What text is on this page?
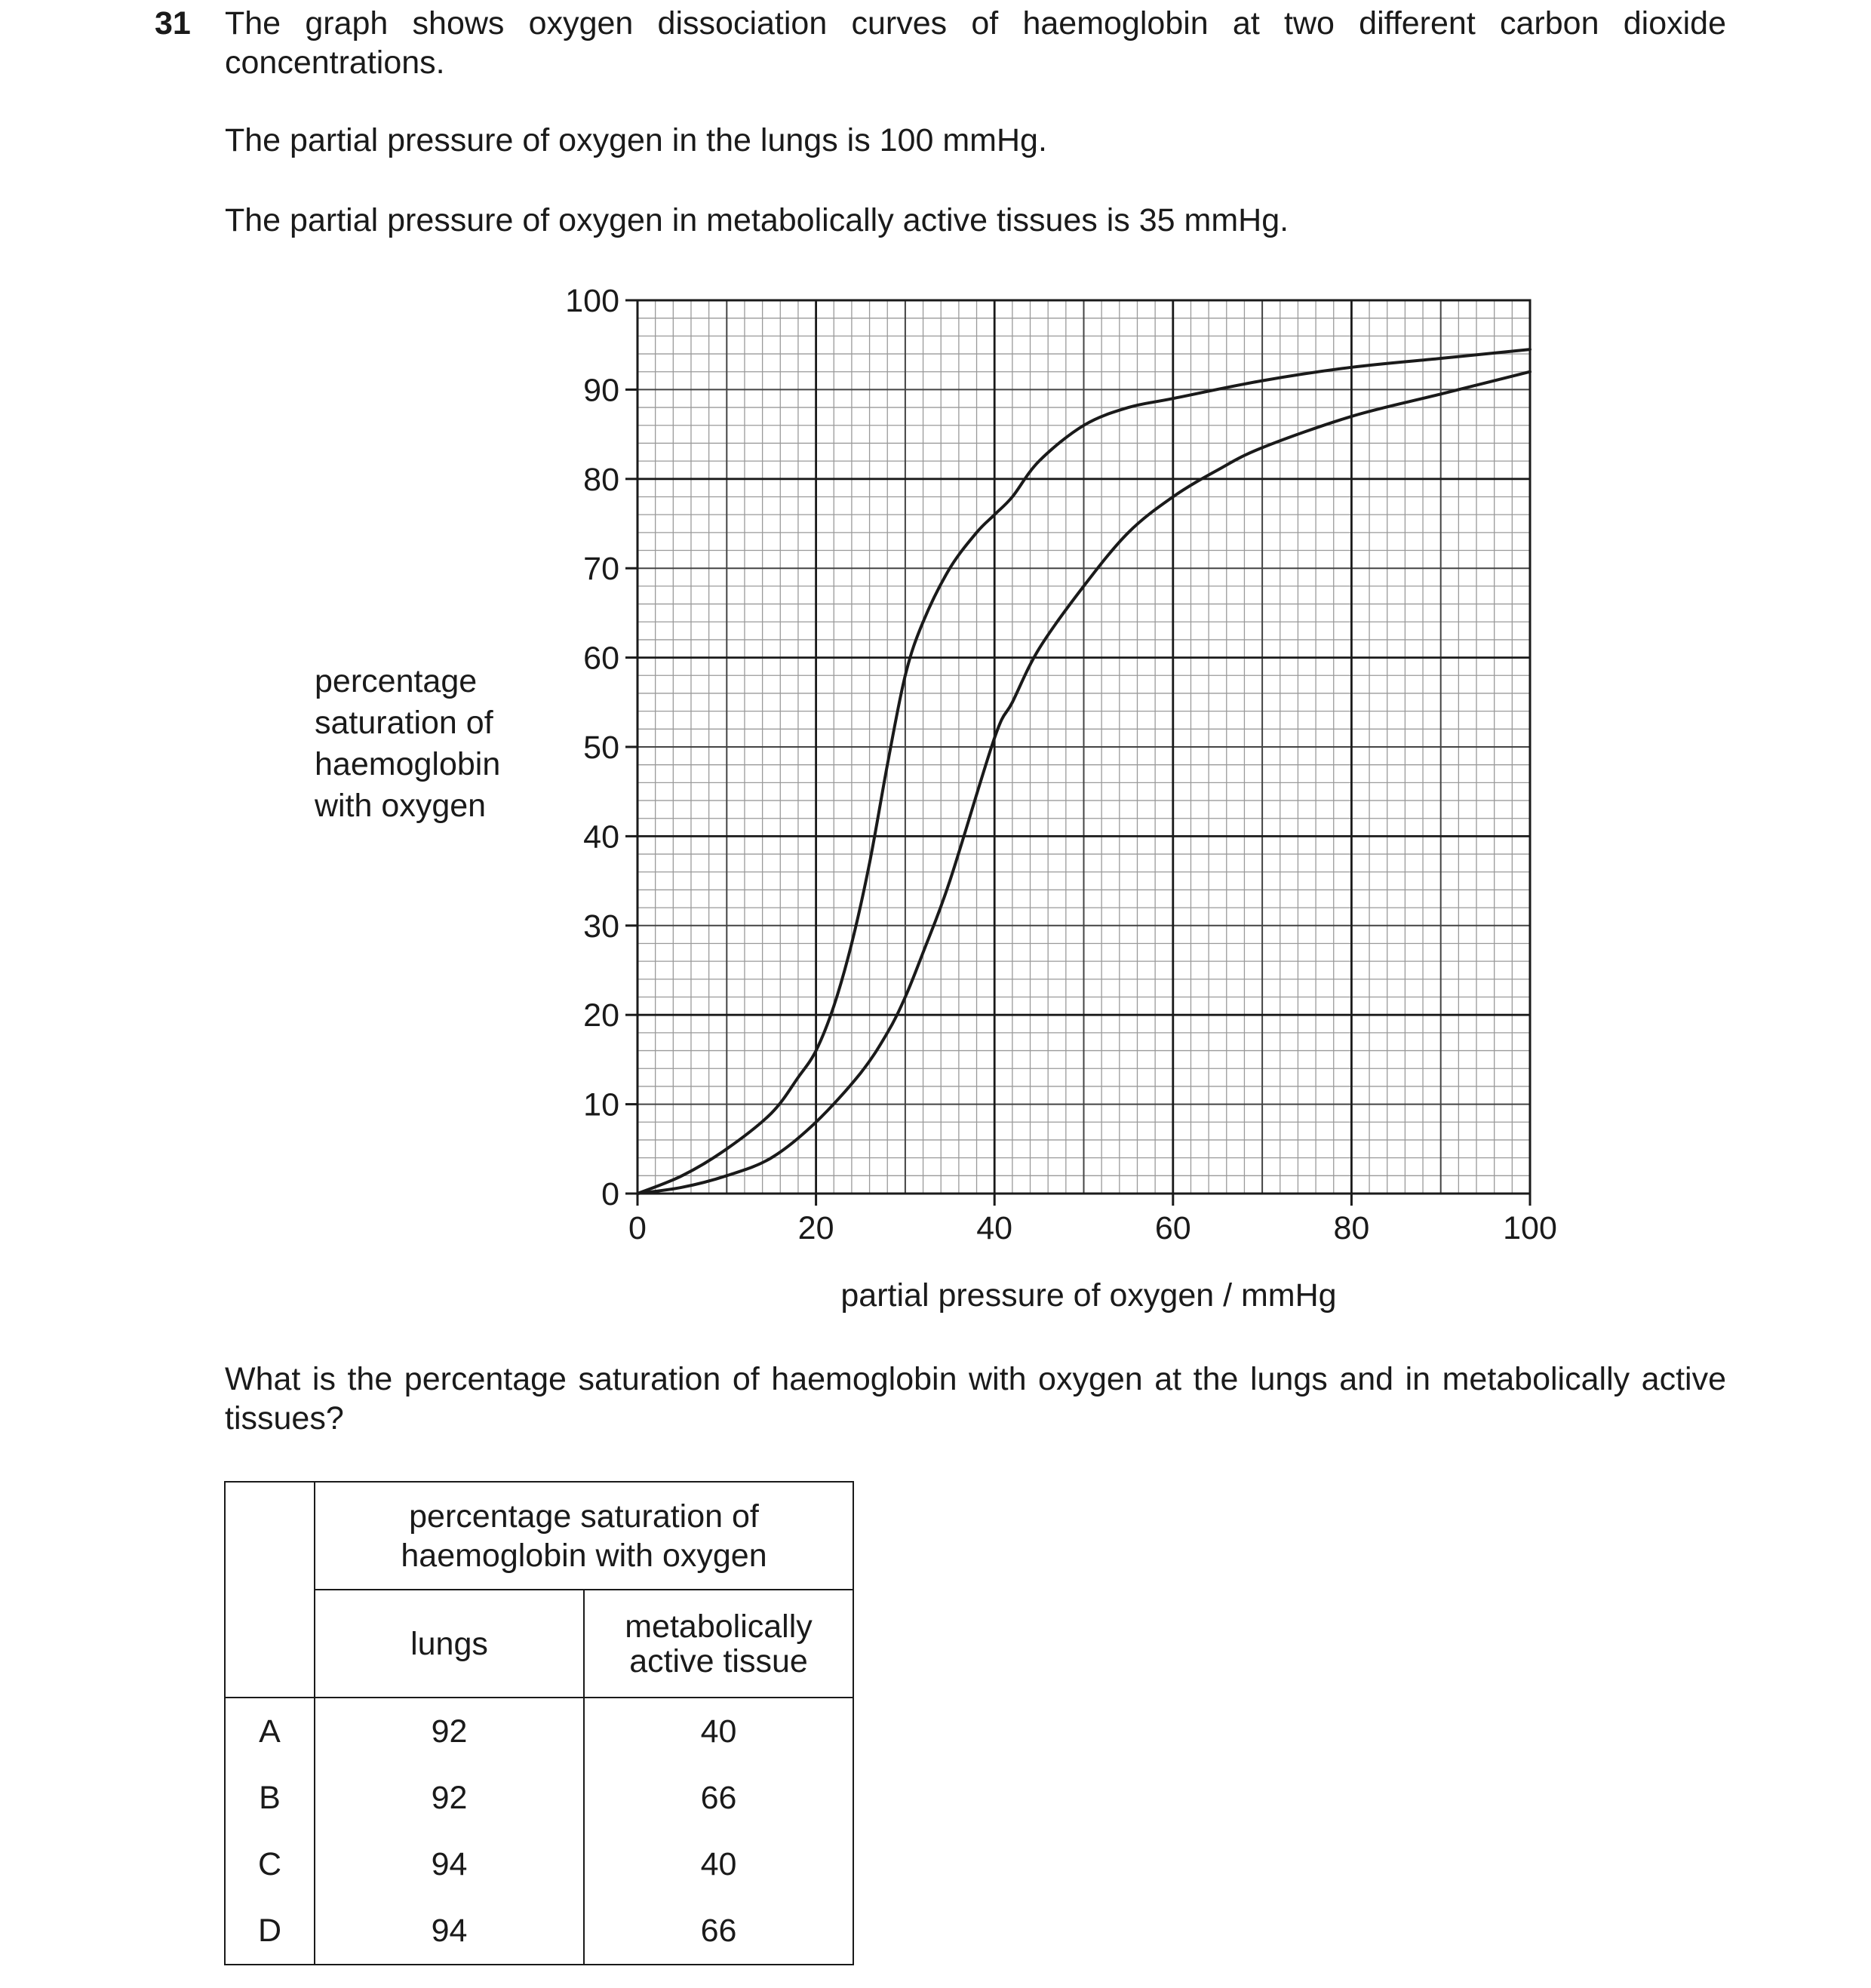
31 The graph shows oxygen dissociation curves of haemoglobin at two different carbon dioxide concentrations.
The partial pressure of oxygen in the lungs is 100 mmHg.
The partial pressure of oxygen in metabolically active tissues is 35 mmHg.
0
10
20
30
40
50
60
70
80
90
100
0	20	40	60	80	100
percentage
saturation of
haemoglobin
with oxygen
partial pressure of oxygen / mmHg
What is the percentage saturation of haemoglobin with oxygen at the lungs and in metabolically active tissues?

	percentage saturation of
haemoglobin with oxygen	

	lungs	metabolically
active tissue

A	92	40
B	92	66
C	94	40
D	94	66
